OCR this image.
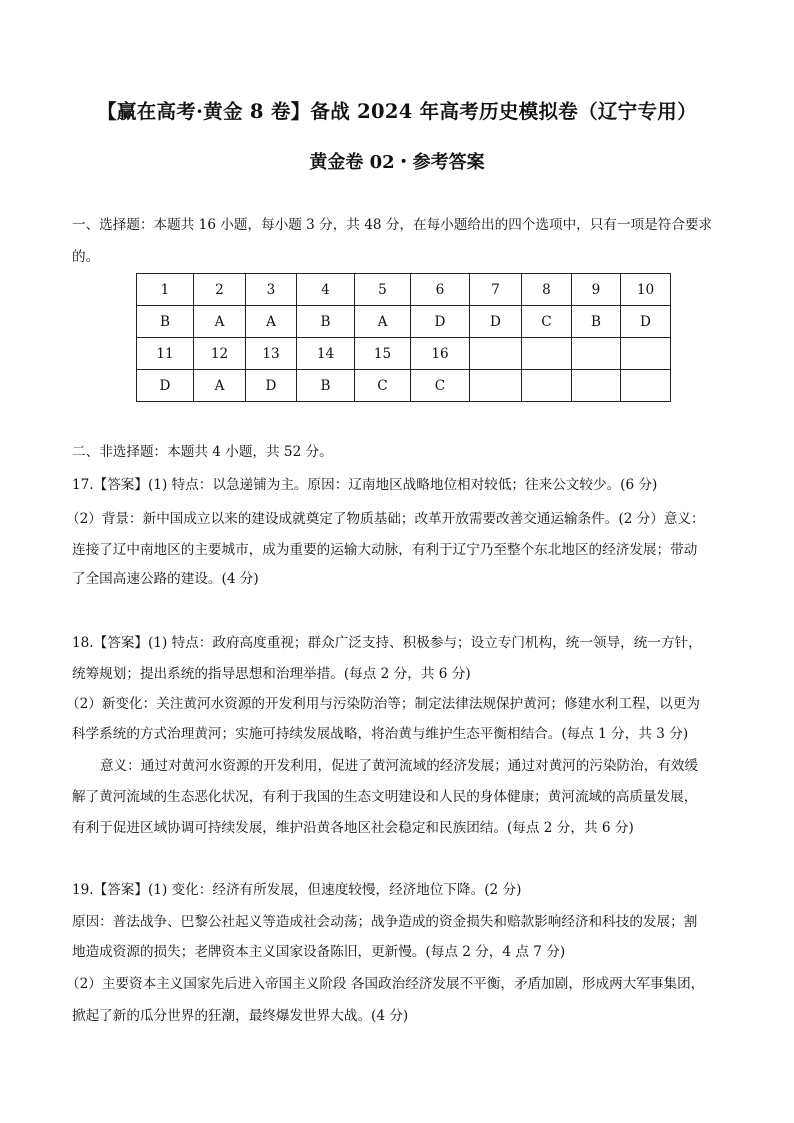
【赢在高考·黄金 8 卷】备战 2024 年高考历史模拟卷（辽宁专用）
黄金卷 02・参考答案
一、选择题：本题共 16 小题，每小题 3 分，共 48 分，在每小题给出的四个选项中，只有一项是符合要求
的。
1	2	3	4	5	6	7	8	9	10
B	A	A	B	A	D	D	C	B	D
11	12	13	14	15	16				
D	A	D	B	C	C				
二、非选择题：本题共 4 小题，共 52 分。
17.【答案】(1) 特点：以急递铺为主。原因：辽南地区战略地位相对较低；往来公文较少。(6 分)
（2）背景：新中国成立以来的建设成就奠定了物质基础；改革开放需要改善交通运输条件。(2 分）意义：
连接了辽中南地区的主要城市，成为重要的运输大动脉，有利于辽宁乃至整个东北地区的经济发展；带动
了全国高速公路的建设。(4 分)
18.【答案】(1) 特点：政府高度重视；群众广泛支持、积极参与；设立专门机构，统一领导，统一方针，
统筹规划；提出系统的指导思想和治理举措。(每点 2 分，共 6 分)
（2）新变化：关注黄河水资源的开发利用与污染防治等；制定法律法规保护黄河；修建水利工程，以更为
科学系统的方式治理黄河；实施可持续发展战略，将治黄与维护生态平衡相结合。(每点 1 分，共 3 分)
意义：通过对黄河水资源的开发利用，促进了黄河流域的经济发展；通过对黄河的污染防治，有效缓
解了黄河流域的生态恶化状况，有利于我国的生态文明建设和人民的身体健康；黄河流域的高质量发展，
有利于促进区域协调可持续发展，维护沿黄各地区社会稳定和民族团结。(每点 2 分，共 6 分)
19.【答案】(1) 变化：经济有所发展，但速度较慢，经济地位下降。(2 分)
原因：普法战争、巴黎公社起义等造成社会动荡；战争造成的资金损失和赔款影响经济和科技的发展；割
地造成资源的损失；老牌资本主义国家设备陈旧，更新慢。(每点 2 分，4 点 7 分)
（2）主要资本主义国家先后进入帝国主义阶段 各国政治经济发展不平衡，矛盾加剧，形成两大军事集团，
掀起了新的瓜分世界的狂潮，最终爆发世界大战。(4 分)
